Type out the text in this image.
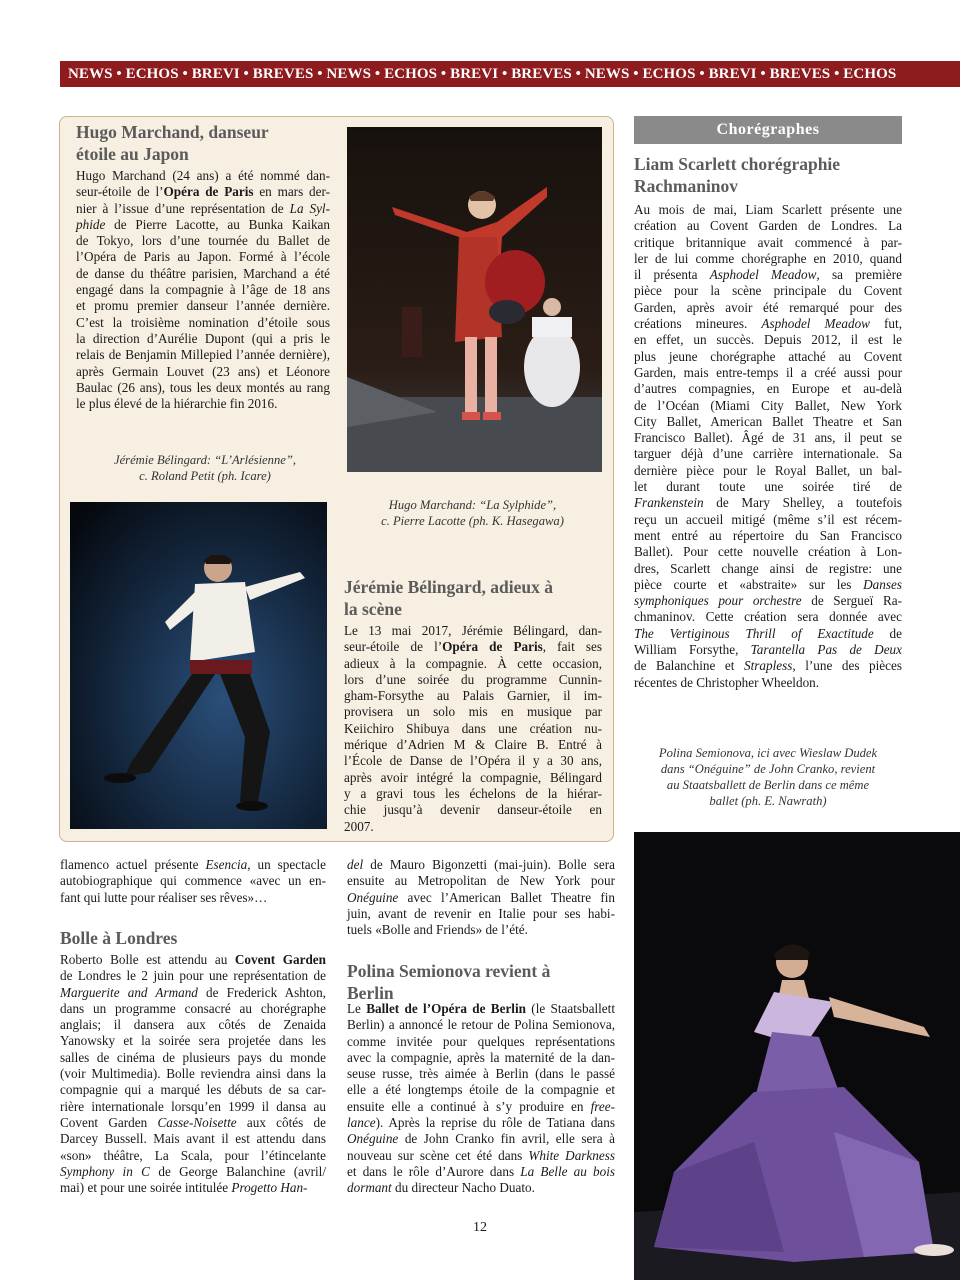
NEWS • ECHOS • BREVI • BREVES • NEWS • ECHOS • BREVI • BREVES • NEWS • ECHOS • BREVI • BREVES • ECHOS
Hugo Marchand, danseur
étoile au Japon
Hugo Marchand (24 ans) a été nommé dan-
seur-étoile de l’Opéra de Paris en mars der-
nier à l’issue d’une représentation de La Syl-
phide de Pierre Lacotte, au Bunka Kaikan
de Tokyo, lors d’une tournée du Ballet de
l’Opéra de Paris au Japon. Formé à l’école
de danse du théâtre parisien, Marchand a été
engagé dans la compagnie à l’âge de 18 ans
et promu premier danseur l’année dernière.
C’est la troisième nomination d’étoile sous
la direction d’Aurélie Dupont (qui a pris le
relais de Benjamin Millepied l’année dernière),
après Germain Louvet (23 ans) et Léonore
Baulac (26 ans), tous les deux montés au rang
le plus élevé de la hiérarchie fin 2016.
Jérémie Bélingard: “L’Arlésienne”,
c. Roland Petit (ph. Icare)
Hugo Marchand: “La Sylphide”,
c. Pierre Lacotte (ph. K. Hasegawa)
Jérémie Bélingard, adieux à
la scène
Le 13 mai 2017, Jérémie Bélingard, dan-
seur-étoile de l’Opéra de Paris, fait ses
adieux à la compagnie. À cette occasion,
lors d’une soirée du programme Cunnin-
gham-Forsythe au Palais Garnier, il im-
provisera un solo mis en musique par
Keiichiro Shibuya dans une création nu-
mérique d’Adrien M & Claire B. Entré à
l’École de Danse de l’Opéra il y a 30 ans,
après avoir intégré la compagnie, Bélingard
y a gravi tous les échelons de la hiérar-
chie jusqu’à devenir danseur-étoile en
2007.
Chorégraphes
Liam Scarlett chorégraphie
Rachmaninov
Au mois de mai, Liam Scarlett présente une
création au Covent Garden de Londres. La
critique britannique avait commencé à par-
ler de lui comme chorégraphe en 2010, quand
il présenta Asphodel Meadow, sa première
pièce pour la scène principale du Covent
Garden, après avoir été remarqué pour des
créations mineures. Asphodel Meadow fut,
en effet, un succès. Depuis 2012, il est le
plus jeune chorégraphe attaché au Covent
Garden, mais entre-temps il a créé aussi pour
d’autres compagnies, en Europe et au-delà
de l’Océan (Miami City Ballet, New York
City Ballet, American Ballet Theatre et San
Francisco Ballet). Âgé de 31 ans, il peut se
targuer déjà d’une carrière internationale. Sa
dernière pièce pour le Royal Ballet, un bal-
let durant toute une soirée tiré de
Frankenstein de Mary Shelley, a toutefois
reçu un accueil mitigé (même s’il est récem-
ment entré au répertoire du San Francisco
Ballet). Pour cette nouvelle création à Lon-
dres, Scarlett change ainsi de registre: une
pièce courte et «abstraite» sur les Danses
symphoniques pour orchestre de Sergueï Ra-
chmaninov. Cette création sera donnée avec
The Vertiginous Thrill of Exactitude de
William Forsythe, Tarantella Pas de Deux
de Balanchine et Strapless, l’une des pièces
récentes de Christopher Wheeldon.
Polina Semionova, ici avec Wieslaw Dudek
dans “Onéguine” de John Cranko, revient
au Staatsballett de Berlin dans ce même
ballet (ph. E. Nawrath)
flamenco actuel présente Esencia, un spectacle
autobiographique qui commence «avec un en-
fant qui lutte pour réaliser ses rêves»…
Bolle à Londres
Roberto Bolle est attendu au Covent Garden
de Londres le 2 juin pour une représentation de
Marguerite and Armand de Frederick Ashton,
dans un programme consacré au chorégraphe
anglais; il dansera aux côtés de Zenaida
Yanowsky et la soirée sera projetée dans les
salles de cinéma de plusieurs pays du monde
(voir Multimedia). Bolle reviendra ainsi dans la
compagnie qui a marqué les débuts de sa car-
rière internationale lorsqu’en 1999 il dansa au
Covent Garden Casse-Noisette aux côtés de
Darcey Bussell. Mais avant il est attendu dans
«son» théâtre, La Scala, pour l’étincelante
Symphony in C de George Balanchine (avril/
mai) et pour une soirée intitulée Progetto Han-
del de Mauro Bigonzetti (mai-juin). Bolle sera
ensuite au Metropolitan de New York pour
Onéguine avec l’American Ballet Theatre fin
juin, avant de revenir en Italie pour ses habi-
tuels «Bolle and Friends» de l’été.
Polina Semionova revient à
Berlin
Le Ballet de l’Opéra de Berlin (le Staatsballett
Berlin) a annoncé le retour de Polina Semionova,
comme invitée pour quelques représentations
avec la compagnie, après la maternité de la dan-
seuse russe, très aimée à Berlin (dans le passé
elle a été longtemps étoile de la compagnie et
ensuite elle a continué à s’y produire en free-
lance). Après la reprise du rôle de Tatiana dans
Onéguine de John Cranko fin avril, elle sera à
nouveau sur scène cet été dans White Darkness
et dans le rôle d’Aurore dans La Belle au bois
dormant du directeur Nacho Duato.
12
